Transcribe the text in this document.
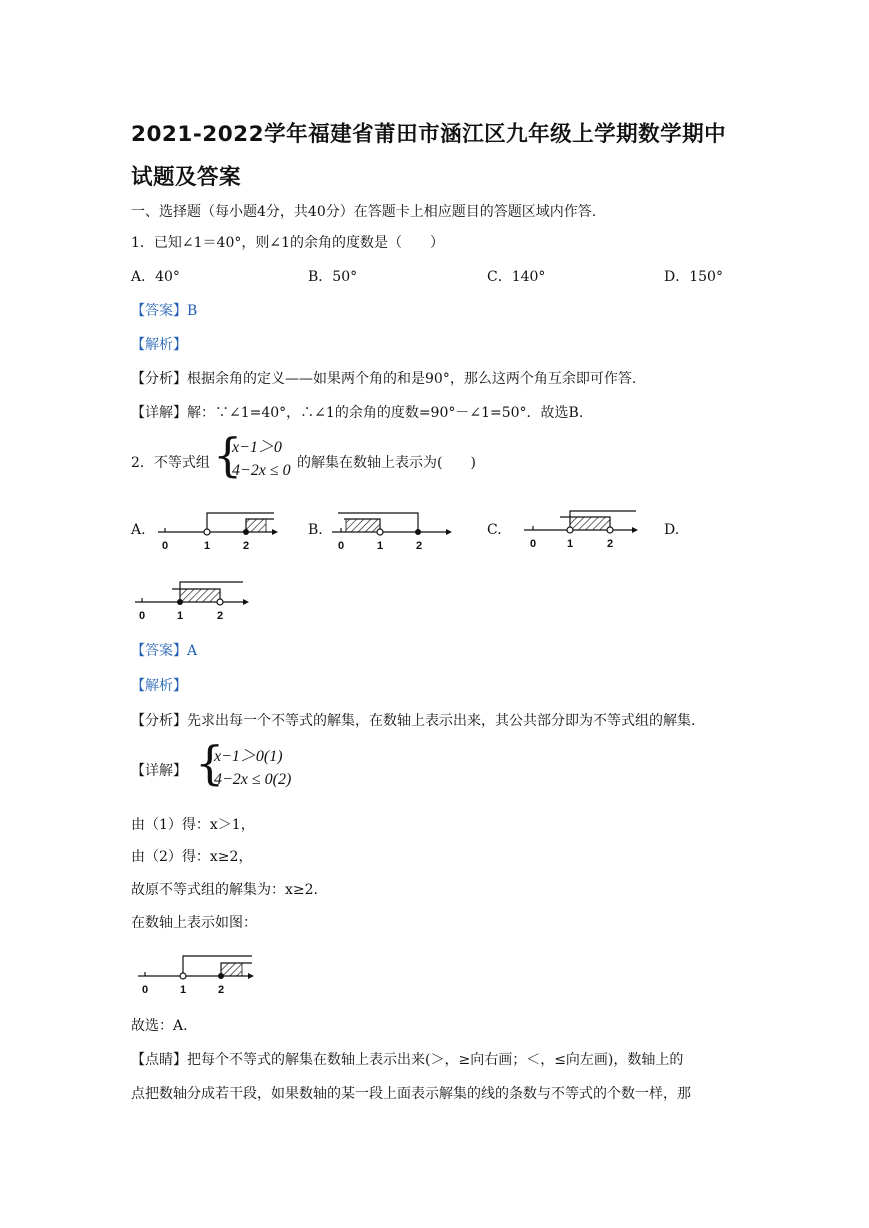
2021-2022学年福建省莆田市涵江区九年级上学期数学期中
试题及答案
一、选择题（每小题4分，共40分）在答题卡上相应题目的答题区域内作答.
1．已知∠1＝40°，则∠1的余角的度数是（　　）
A．40°	B．50°	C．140°	D．150°
【答案】B
【解析】
【分析】根据余角的定义——如果两个角的和是90°，那么这两个角互余即可作答.
【详解】解：∵∠1=40°，∴∠1的余角的度数=90°－∠1=50°．故选B.
2．不等式组 {
x−1＞0
4−2x ≤ 0 的解集在数轴上表示为(　　)
A.
0	1	2
B.
0	1	2
C.
0	1	2
D.
0	1	2
【答案】A
【解析】
【分析】先求出每一个不等式的解集，在数轴上表示出来，其公共部分即为不等式组的解集.
【详解】 {
x−1＞0(1)
4−2x ≤ 0(2)
由（1）得：x＞1，
由（2）得：x≥2，
故原不等式组的解集为：x≥2.
在数轴上表示如图：
0	1	2
故选：A.
【点睛】把每个不等式的解集在数轴上表示出来(＞，≥向右画；＜，≤向左画)，数轴上的
点把数轴分成若干段，如果数轴的某一段上面表示解集的线的条数与不等式的个数一样，那
